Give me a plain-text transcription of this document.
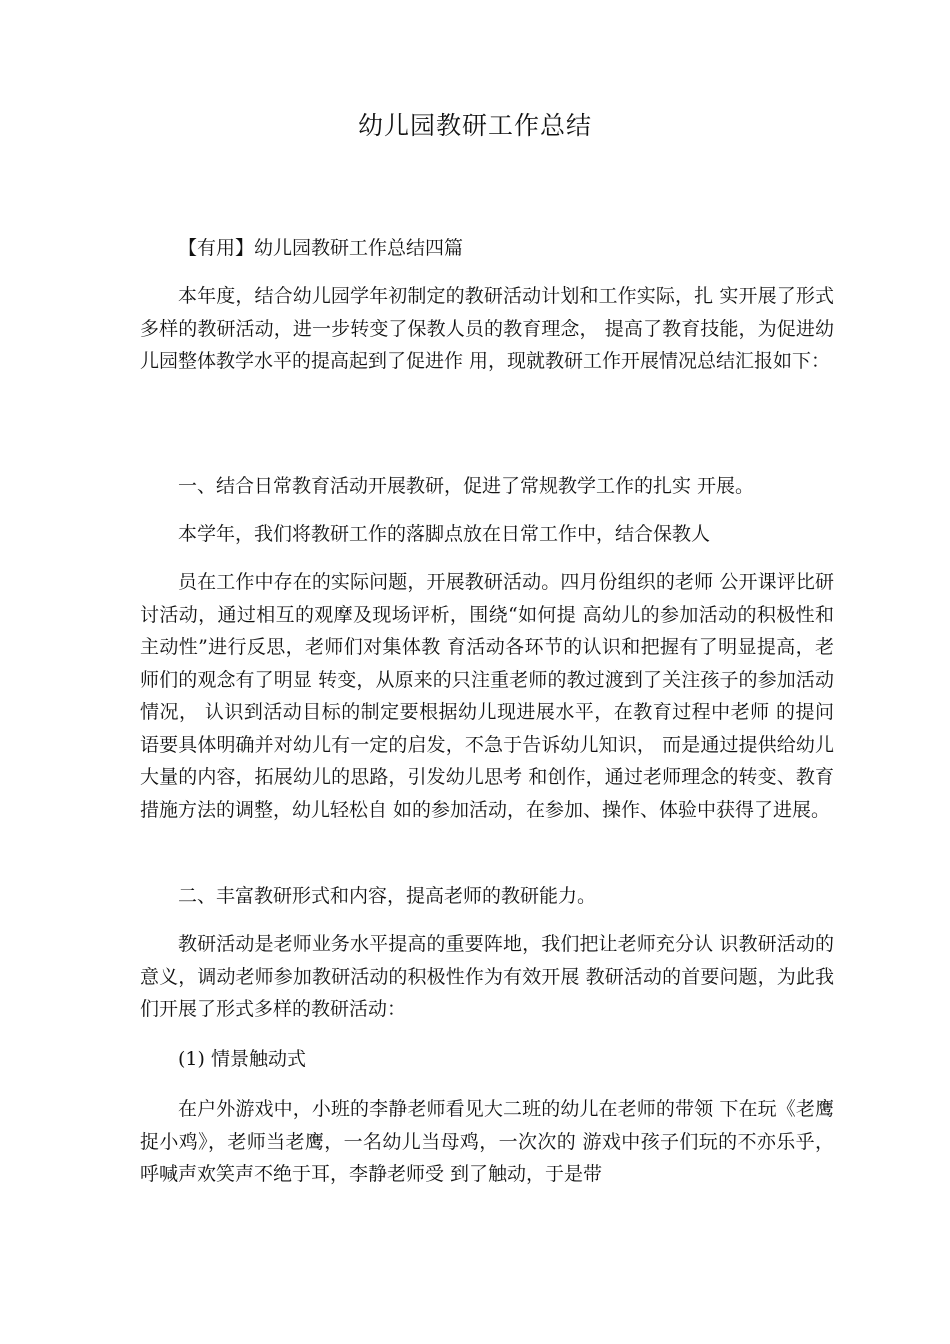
幼儿园教研工作总结

【有用】幼儿园教研工作总结四篇

本年度，结合幼儿园学年初制定的教研活动计划和工作实际，扎 实开展了形式多样的教研活动，进一步转变了保教人员的教育理念， 提高了教育技能，为促进幼儿园整体教学水平的提高起到了促进作 用，现就教研工作开展情况总结汇报如下：

一、结合日常教育活动开展教研，促进了常规教学工作的扎实 开展。

本学年，我们将教研工作的落脚点放在日常工作中，结合保教人

员在工作中存在的实际问题，开展教研活动。四月份组织的老师 公开课评比研讨活动，通过相互的观摩及现场评析，围绕“如何提 高幼儿的参加活动的积极性和主动性”进行反思，老师们对集体教 育活动各环节的认识和把握有了明显提高，老师们的观念有了明显 转变，从原来的只注重老师的教过渡到了关注孩子的参加活动情况， 认识到活动目标的制定要根据幼儿现进展水平，在教育过程中老师 的提问语要具体明确并对幼儿有一定的启发，不急于告诉幼儿知识， 而是通过提供给幼儿大量的内容，拓展幼儿的思路，引发幼儿思考 和创作，通过老师理念的转变、教育措施方法的调整，幼儿轻松自 如的参加活动，在参加、操作、体验中获得了进展。

二、丰富教研形式和内容，提高老师的教研能力。

教研活动是老师业务水平提高的重要阵地，我们把让老师充分认 识教研活动的意义，调动老师参加教研活动的积极性作为有效开展 教研活动的首要问题，为此我们开展了形式多样的教研活动：

(1) 情景触动式

在户外游戏中，小班的李静老师看见大二班的幼儿在老师的带领 下在玩《老鹰捉小鸡》，老师当老鹰，一名幼儿当母鸡，一次次的 游戏中孩子们玩的不亦乐乎，呼喊声欢笑声不绝于耳，李静老师受 到了触动，于是带
